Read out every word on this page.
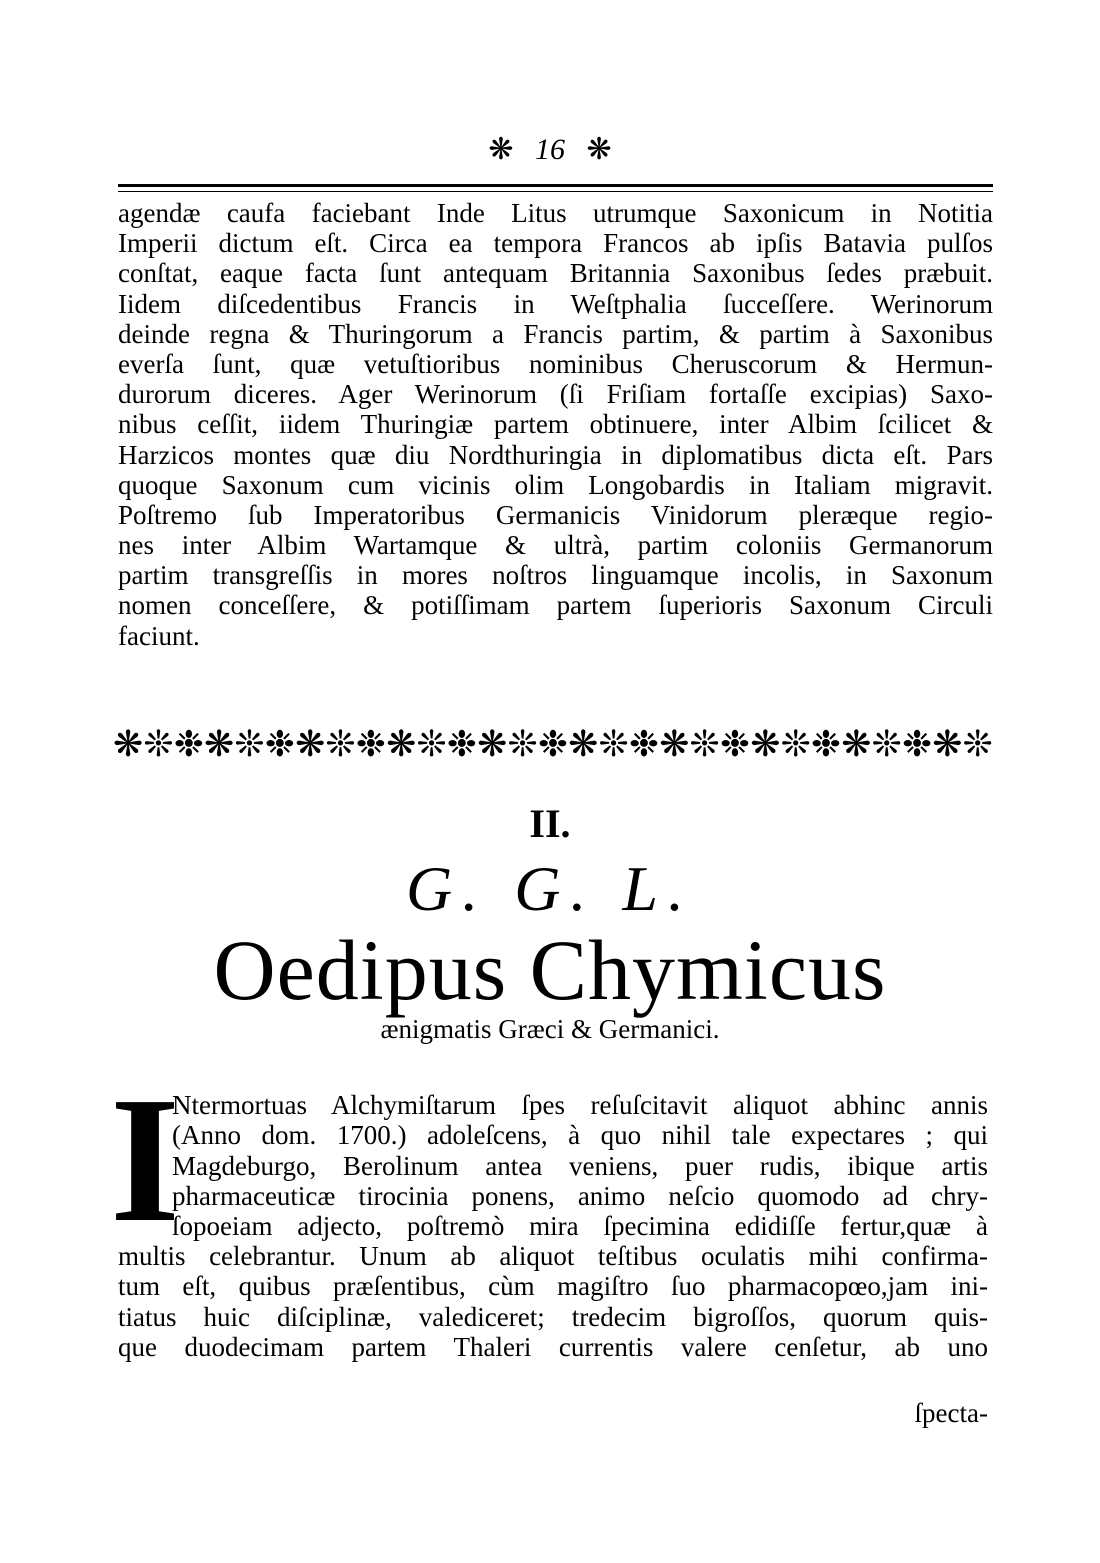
❋ 16 ❋
agendæ caufa faciebant Inde Litus utrumque Saxonicum in Notitia
Imperii dictum eſt. Circa ea tempora Francos ab ipſis Batavia pulſos
conſtat, eaque facta ſunt antequam Britannia Saxonibus ſedes præbuit.
Iidem diſcedentibus Francis in Weſtphalia ſucceſſere. Werinorum
deinde regna & Thuringorum a Francis partim, & partim à Saxonibus
everſa ſunt, quæ vetuſtioribus nominibus Cheruscorum & Hermun-
durorum diceres. Ager Werinorum (ſi Friſiam fortaſſe excipias) Saxo-
nibus ceſſit, iidem Thuringiæ partem obtinuere, inter Albim ſcilicet &
Harzicos montes quæ diu Nordthuringia in diplomatibus dicta eſt. Pars
quoque Saxonum cum vicinis olim Longobardis in Italiam migravit.
Poſtremo ſub Imperatoribus Germanicis Vinidorum pleræque regio-
nes inter Albim Wartamque & ultrà, partim coloniis Germanorum
partim transgreſſis in mores noſtros linguamque incolis, in Saxonum
nomen conceſſere, & potiſſimam partem ſuperioris Saxonum Circuli
faciunt.
❋ ❊ ❉ ❋ ❊ ❉ ❋ ❊ ❉ ❋ ❊ ❉ ❋ ❊ ❉ ❋ ❊ ❉ ❋ ❊ ❉ ❋ ❊ ❉ ❋ ❊ ❉ ❋ ❊
II.
G. G. L.
Oedipus Chymicus
ænigmatis Græci & Germanici.
I
Ntermortuas Alchymiſtarum ſpes reſuſcitavit aliquot abhinc annis
(Anno dom. 1700.) adoleſcens, à quo nihil tale expectares ; qui
Magdeburgo, Berolinum antea veniens, puer rudis, ibique artis
pharmaceuticæ tirocinia ponens, animo neſcio quomodo ad chry-
ſopoeiam adjecto, poſtremò mira ſpecimina edidiſſe fertur,quæ à
multis celebrantur. Unum ab aliquot teſtibus oculatis mihi confirma-
tum eſt, quibus præſentibus, cùm magiſtro ſuo pharmacopœo,jam ini-
tiatus huic diſciplinæ, valediceret; tredecim bigroſſos, quorum quis-
que duodecimam partem Thaleri currentis valere cenſetur, ab uno
ſpecta-
